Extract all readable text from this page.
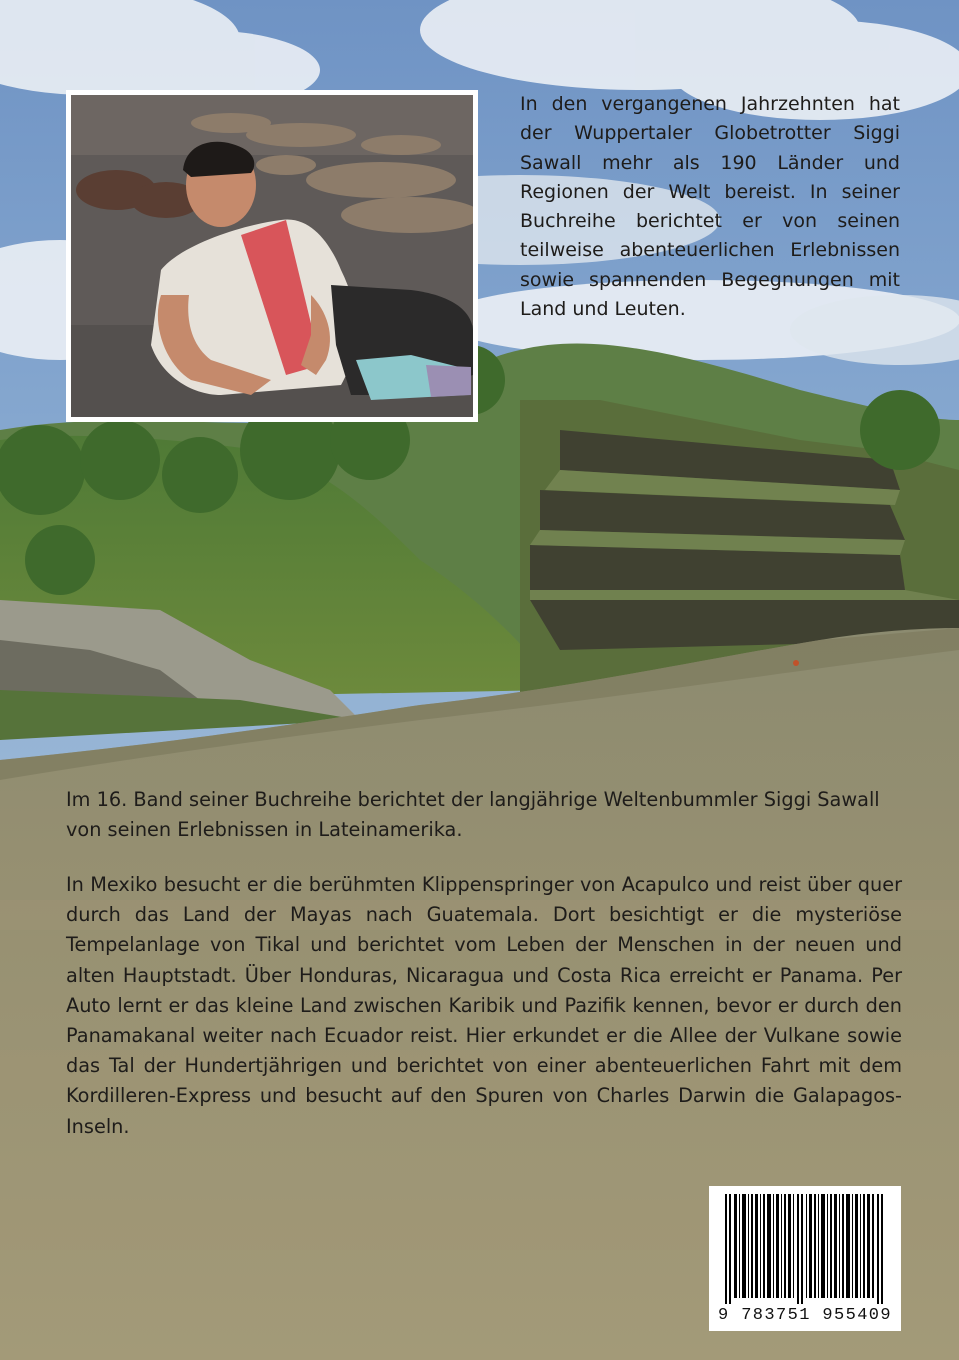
In den vergangenen Jahrzehnten hat der Wuppertaler Globetrotter Siggi Sawall mehr als 190 Länder und Regionen der Welt bereist. In seiner Buchreihe berichtet er von seinen teilweise abenteuerlichen Erlebnissen sowie spannenden Begegnungen mit Land und Leuten.
Im 16. Band seiner Buchreihe berichtet der langjährige Weltenbummler Siggi Sawall von seinen Erlebnissen in Lateinamerika.
In Mexiko besucht er die berühmten Klippenspringer von Acapulco und reist über quer durch das Land der Mayas nach Guatemala. Dort besichtigt er die mysteriöse Tempelanlage von Tikal und berichtet vom Leben der Menschen in der neuen und alten Hauptstadt. Über Honduras, Nicaragua und Costa Rica erreicht er Panama. Per Auto lernt er das kleine Land zwischen Karibik und Pazifik kennen, bevor er durch den Panamakanal weiter nach Ecuador reist. Hier erkundet er die Allee der Vulkane sowie das Tal der Hundertjährigen und berichtet von einer abenteuerlichen Fahrt mit dem Kordilleren-Express und besucht auf den Spuren von Charles Darwin die Galapagos-Inseln.
9 783751 955409
